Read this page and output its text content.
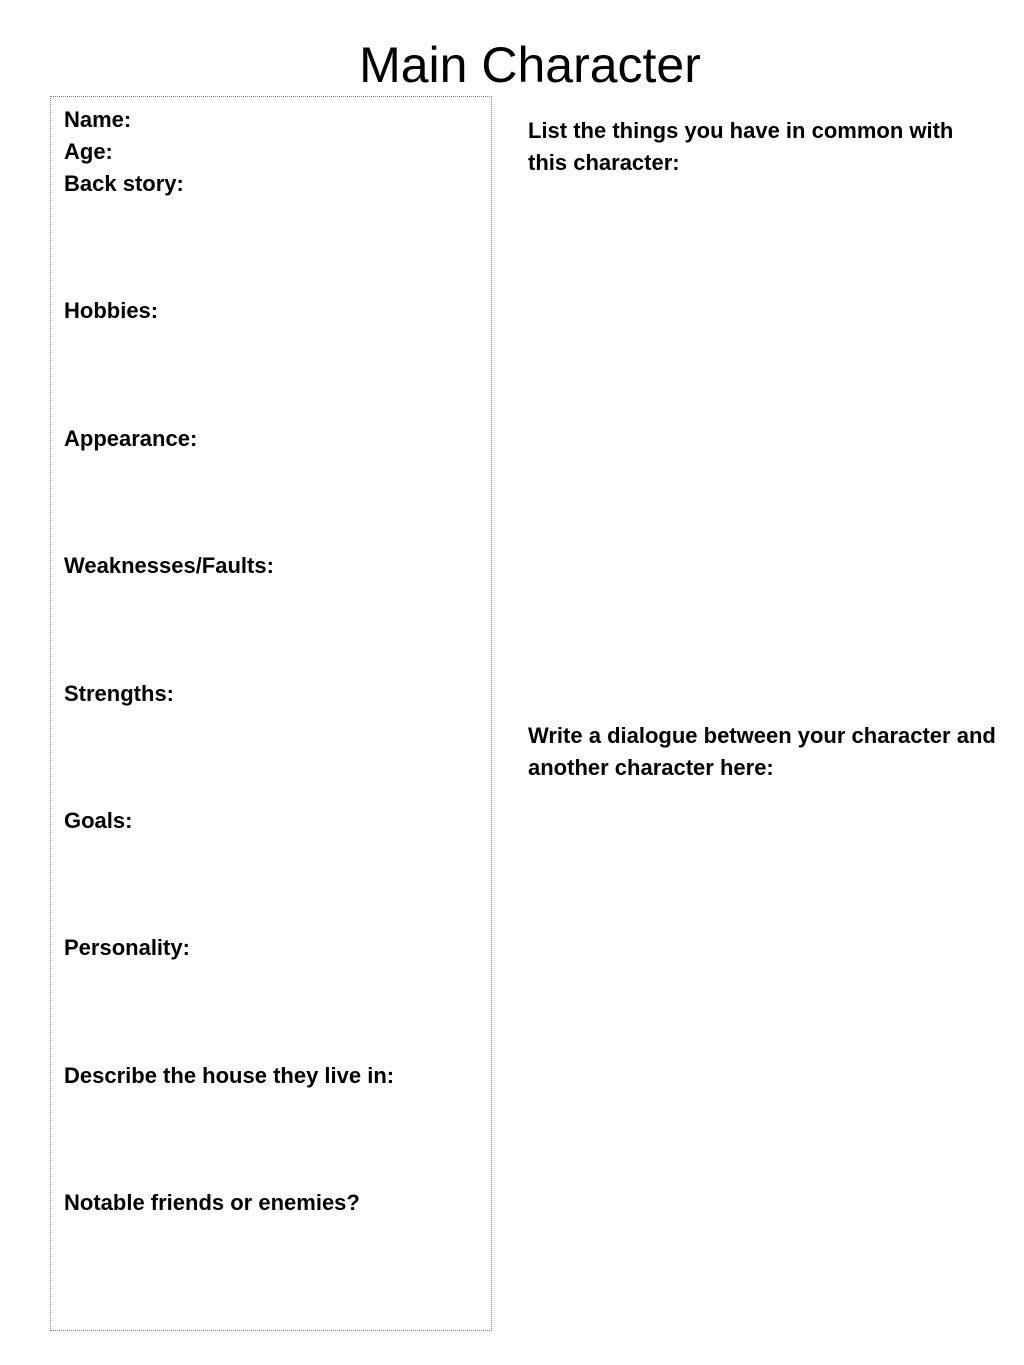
Main Character
Name:
Age:
Back story:
Hobbies:
Appearance:
Weaknesses/Faults:
Strengths:
Goals:
Personality:
Describe the house they live in:
Notable friends or enemies?
List the things you have in common with this character:
Write a dialogue between your character and another character here:
